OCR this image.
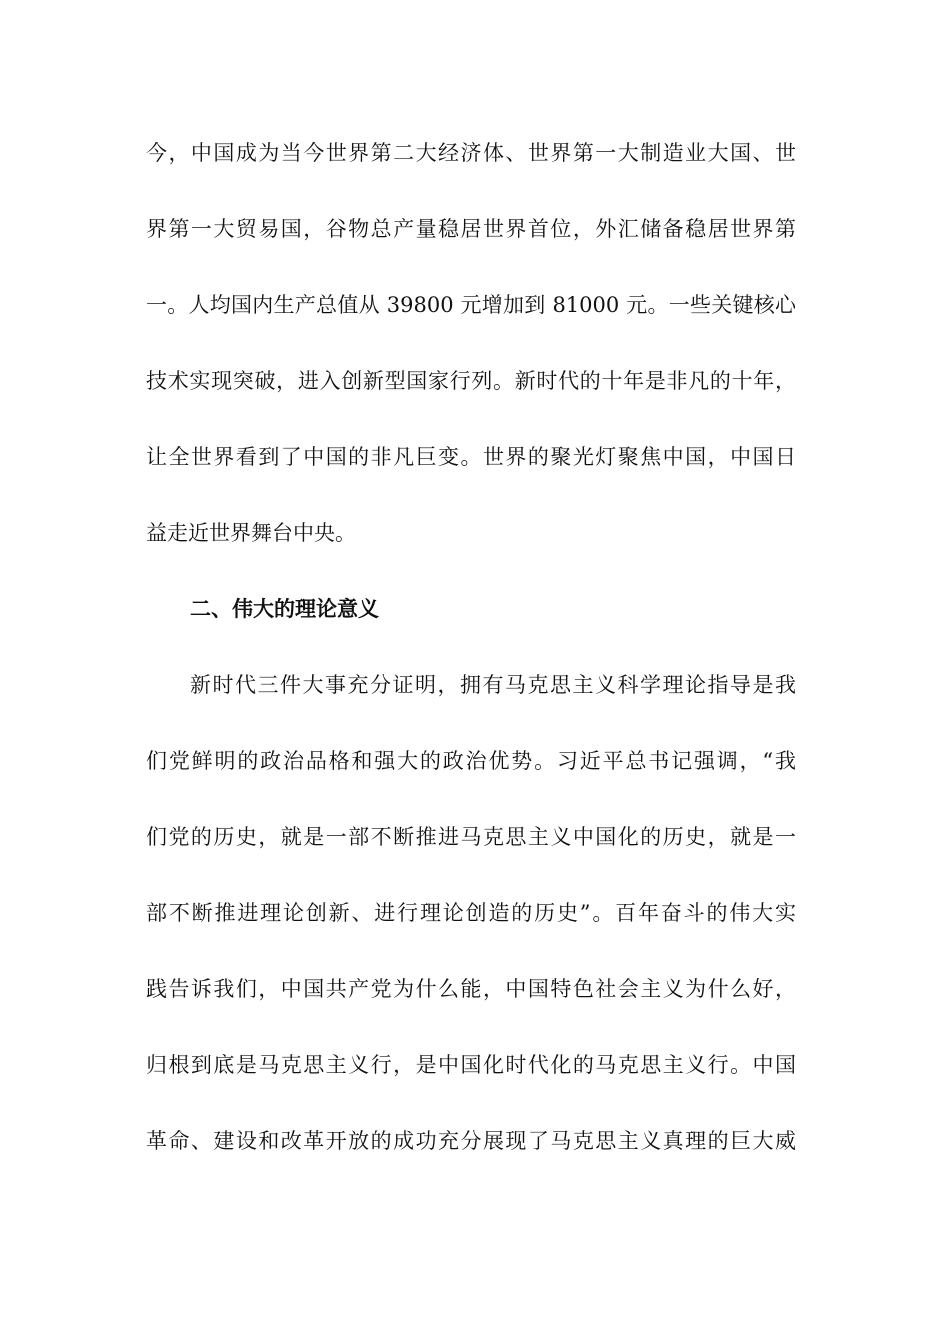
今，中国成为当今世界第二大经济体、世界第一大制造业大国、世
界第一大贸易国，谷物总产量稳居世界首位，外汇储备稳居世界第
一。人均国内生产总值从 39800 元增加到 81000 元。一些关键核心
技术实现突破，进入创新型国家行列。新时代的十年是非凡的十年，
让全世界看到了中国的非凡巨变。世界的聚光灯聚焦中国，中国日
益走近世界舞台中央。
二、伟大的理论意义
新时代三件大事充分证明，拥有马克思主义科学理论指导是我
们党鲜明的政治品格和强大的政治优势。习近平总书记强调，“我
们党的历史，就是一部不断推进马克思主义中国化的历史，就是一
部不断推进理论创新、进行理论创造的历史”。百年奋斗的伟大实
践告诉我们，中国共产党为什么能，中国特色社会主义为什么好，
归根到底是马克思主义行，是中国化时代化的马克思主义行。中国
革命、建设和改革开放的成功充分展现了马克思主义真理的巨大威
